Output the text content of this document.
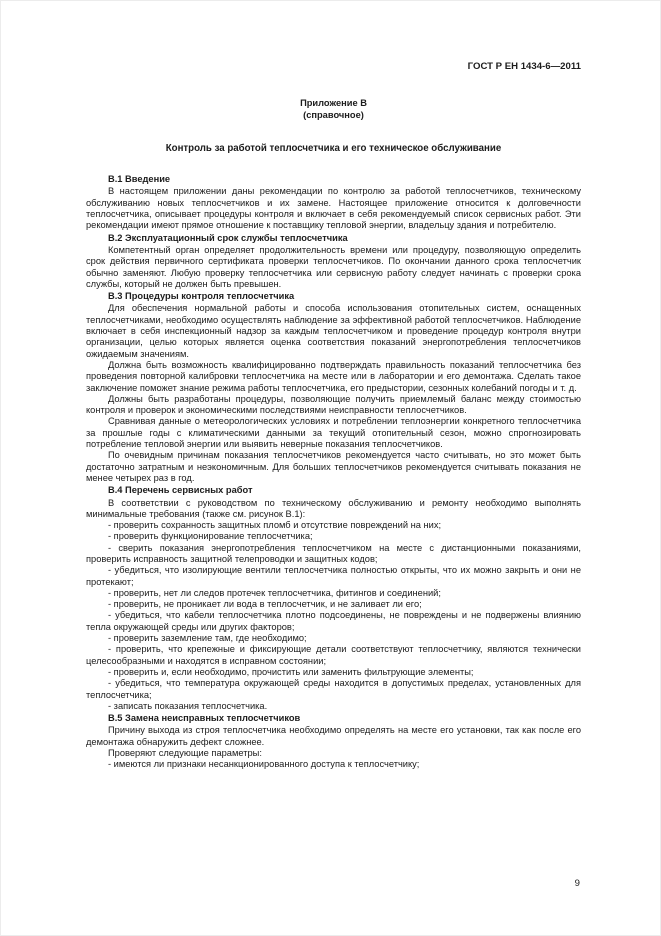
ГОСТ Р ЕН 1434-6—2011
Приложение В
(справочное)
Контроль за работой теплосчетчика и его техническое обслуживание

В.1 Введение

В настоящем приложении даны рекомендации по контролю за работой теплосчетчиков, техническому обслуживанию новых теплосчетчиков и их замене. Настоящее приложение относится к долговечности теплосчетчика, описывает процедуры контроля и включает в себя рекомендуемый список сервисных работ. Эти рекомендации имеют прямое отношение к поставщику тепловой энергии, владельцу здания и потребителю.

В.2 Эксплуатационный срок службы теплосчетчика

Компетентный орган определяет продолжительность времени или процедуру, позволяющую определить срок действия первичного сертификата проверки теплосчетчиков. По окончании данного срока теплосчетчик обычно заменяют. Любую проверку теплосчетчика или сервисную работу следует начинать с проверки срока службы, который не должен быть превышен.

В.3 Процедуры контроля теплосчетчика

Для обеспечения нормальной работы и способа использования отопительных систем, оснащенных теплосчетчиками, необходимо осуществлять наблюдение за эффективной работой теплосчетчиков. Наблюдение включает в себя инспекционный надзор за каждым теплосчетчиком и проведение процедур контроля внутри организации, целью которых является оценка соответствия показаний энергопотребления теплосчетчиков ожидаемым значениям.

Должна быть возможность квалифицированно подтверждать правильность показаний теплосчетчика без проведения повторной калибровки теплосчетчика на месте или в лаборатории и его демонтажа. Сделать такое заключение поможет знание режима работы теплосчетчика, его предыстории, сезонных колебаний погоды и т. д.

Должны быть разработаны процедуры, позволяющие получить приемлемый баланс между стоимостью контроля и проверок и экономическими последствиями неисправности теплосчетчиков.

Сравнивая данные о метеорологических условиях и потреблении теплоэнергии конкретного теплосчетчика за прошлые годы с климатическими данными за текущий отопительный сезон, можно спрогнозировать потребление тепловой энергии или выявить неверные показания теплосчетчиков.

По очевидным причинам показания теплосчетчиков рекомендуется часто считывать, но это может быть достаточно затратным и неэкономичным. Для больших теплосчетчиков рекомендуется считывать показания не менее четырех раз в год.

В.4 Перечень сервисных работ

В соответствии с руководством по техническому обслуживанию и ремонту необходимо выполнять минимальные требования (также см. рисунок В.1):

- проверить сохранность защитных пломб и отсутствие повреждений на них;

- проверить функционирование теплосчетчика;

- сверить показания энергопотребления теплосчетчиком на месте с дистанционными показаниями, проверить исправность защитной телепроводки и защитных кодов;

- убедиться, что изолирующие вентили теплосчетчика полностью открыты, что их можно закрыть и они не протекают;

- проверить, нет ли следов протечек теплосчетчика, фитингов и соединений;

- проверить, не проникает ли вода в теплосчетчик, и не заливает ли его;

- убедиться, что кабели теплосчетчика плотно подсоединены, не повреждены и не подвержены влиянию тепла окружающей среды или других факторов;

- проверить заземление там, где необходимо;

- проверить, что крепежные и фиксирующие детали соответствуют теплосчетчику, являются технически целесообразными и находятся в исправном состоянии;

- проверить и, если необходимо, прочистить или заменить фильтрующие элементы;

- убедиться, что температура окружающей среды находится в допустимых пределах, установленных для теплосчетчика;

- записать показания теплосчетчика.

В.5 Замена неисправных теплосчетчиков

Причину выхода из строя теплосчетчика необходимо определять на месте его установки, так как после его демонтажа обнаружить дефект сложнее.

Проверяют следующие параметры:

- имеются ли признаки несанкционированного доступа к теплосчетчику;

9
